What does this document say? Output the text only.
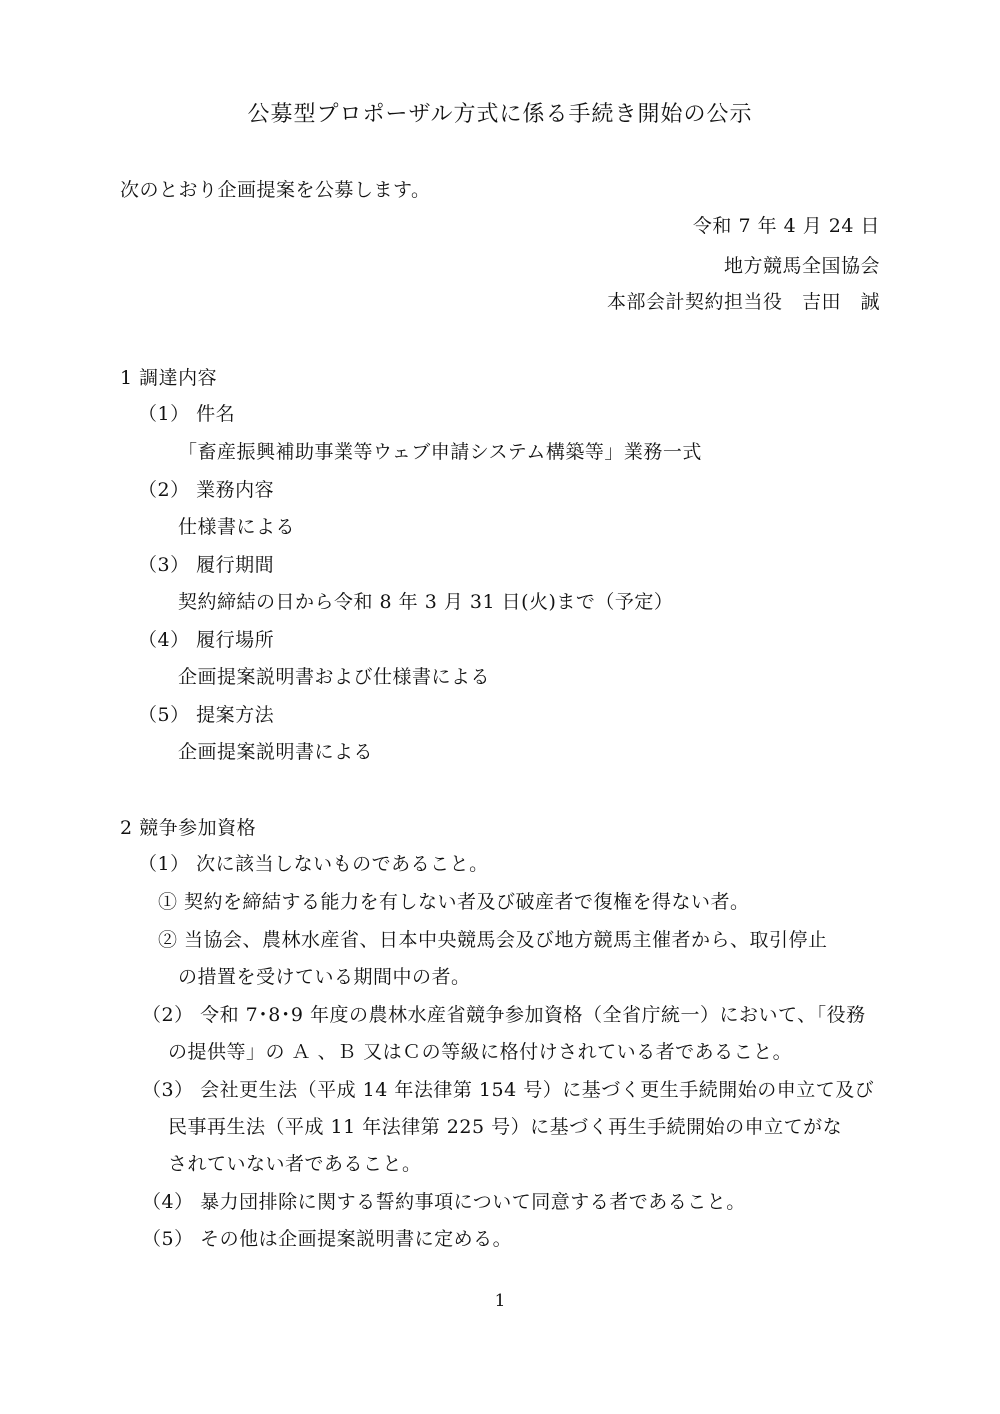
公募型プロポーザル方式に係る手続き開始の公示
次のとおり企画提案を公募します。
令和 7 年 4 月 24 日
地方競馬全国協会
本部会計契約担当役　吉田　誠
1 調達内容
（1） 件名
「畜産振興補助事業等ウェブ申請システム構築等」業務一式
（2） 業務内容
仕様書による
（3） 履行期間
契約締結の日から令和 8 年 3 月 31 日(火)まで（予定）
（4） 履行場所
企画提案説明書および仕様書による
（5） 提案方法
企画提案説明書による
2 競争参加資格
（1） 次に該当しないものであること。
① 契約を締結する能力を有しない者及び破産者で復権を得ない者。
② 当協会、農林水産省、日本中央競馬会及び地方競馬主催者から、取引停止
の措置を受けている期間中の者。
（2） 令和 7･8･9 年度の農林水産省競争参加資格（全省庁統一）において、「役務
の提供等」の Ａ 、Ｂ 又はＣの等級に格付けされている者であること。
（3） 会社更生法（平成 14 年法律第 154 号）に基づく更生手続開始の申立て及び
民事再生法（平成 11 年法律第 225 号）に基づく再生手続開始の申立てがな
されていない者であること。
（4） 暴力団排除に関する誓約事項について同意する者であること。
（5） その他は企画提案説明書に定める。
1
